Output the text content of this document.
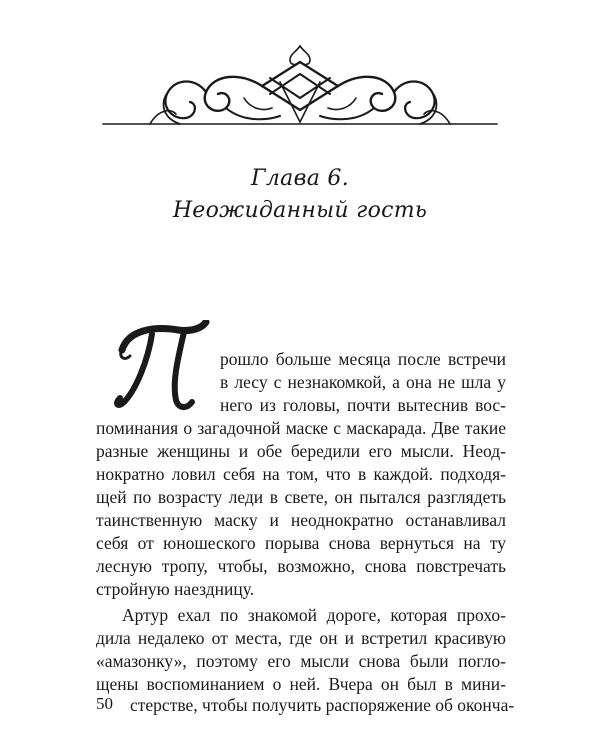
Глава 6.
Неожиданный гость
рошло больше месяца после встречи
в лесу с незнакомкой, а она не шла у
него из головы, почти вытеснив вос-
поминания о загадочной маске с маскарада. Две такие
разные женщины и обе бередили его мысли. Неод-
нократно ловил себя на том, что в каждой. подходя-
щей по возрасту леди в свете, он пытался разглядеть
таинственную маску и неоднократно останавливал
себя от юношеского порыва снова вернуться на ту
лесную тропу, чтобы, возможно, снова повстречать
стройную наездницу.
Артур ехал по знакомой дороге, которая прохо-
дила недалеко от места, где он и встретил красивую
«амазонку», поэтому его мысли снова были погло-
щены воспоминанием о ней. Вчера он был в мини-
стерстве, чтобы получить распоряжение об оконча-
50
